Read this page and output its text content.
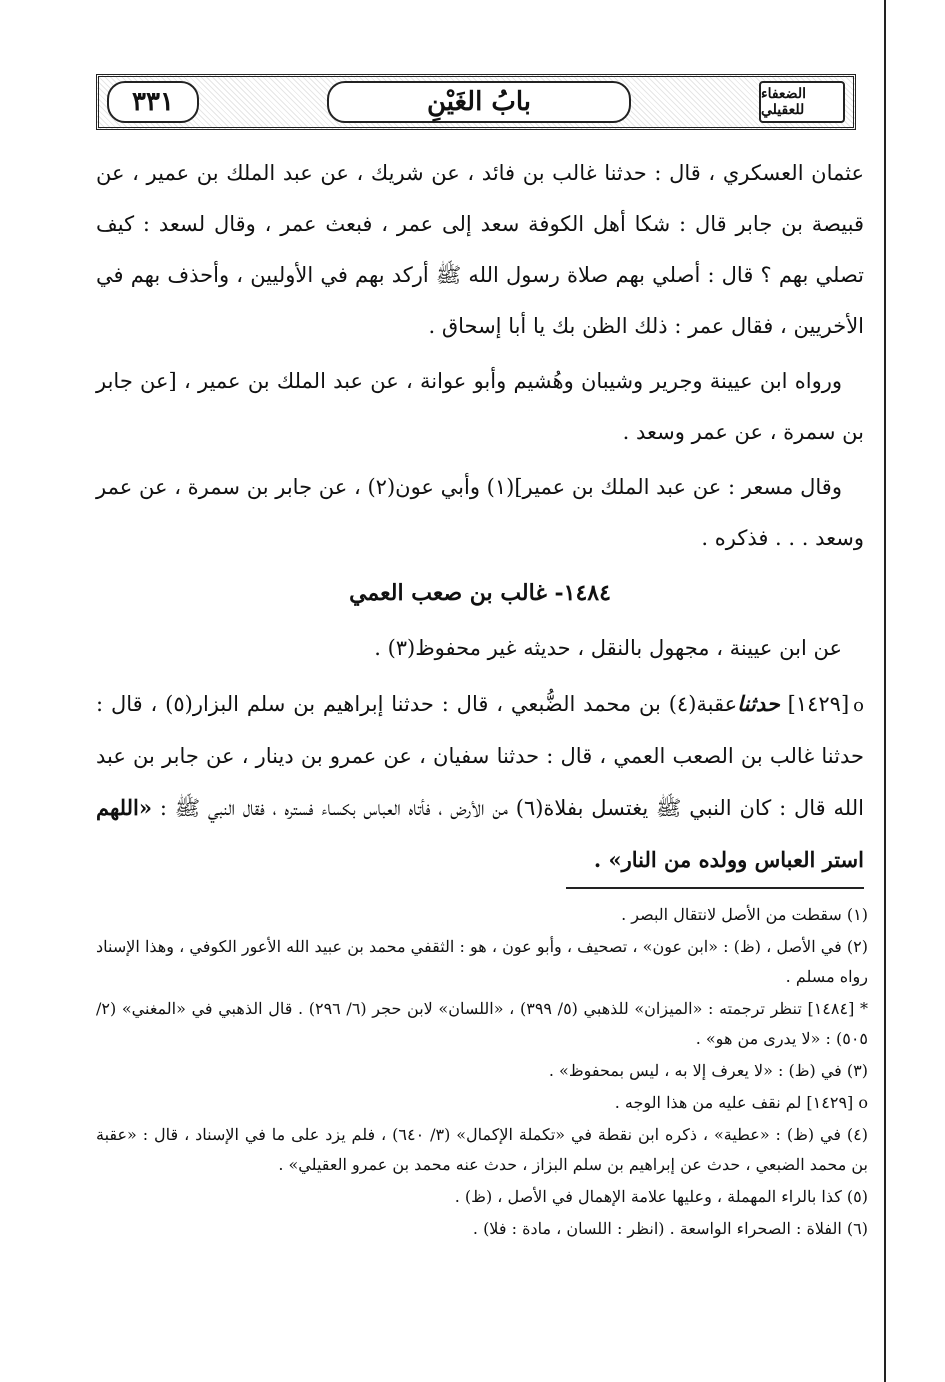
٣٣١	بابُ الغَيْنِ	الضعفاء للعقيلي

عثمان العسكري ، قال : حدثنا غالب بن فائد ، عن شريك ، عن عبد الملك بن عمير ، عن قبيصة بن جابر قال : شكا أهل الكوفة سعد إلى عمر ، فبعث عمر ، وقال لسعد : كيف تصلي بهم ؟ قال : أصلي بهم صلاة رسول الله ﷺ أركد بهم في الأوليين ، وأحذف بهم في الأخريين ، فقال عمر : ذلك الظن بك يا أبا إسحاق .

ورواه ابن عيينة وجرير وشيبان وهُشيم وأبو عوانة ، عن عبد الملك بن عمير ، [عن جابر بن سمرة ، عن عمر وسعد .

وقال مسعر : عن عبد الملك بن عمير](١) وأبي عون(٢) ، عن جابر بن سمرة ، عن عمر وسعد . . . فذكره .

١٤٨٤- غالب بن صعب العمي

عن ابن عيينة ، مجهول بالنقل ، حديثه غير محفوظ(٣) .

o[١٤٢٩] حدثناعقبة(٤) بن محمد الضُّبعي ، قال : حدثنا إبراهيم بن سلم البزار(٥) ، قال : حدثنا غالب بن الصعب العمي ، قال : حدثنا سفيان ، عن عمرو بن دينار ، عن جابر بن عبد الله قال : كان النبي ﷺ يغتسل بفلاة(٦) من الأرض ، فأتاه العباس بكساء فستره ، فقال النبي ﷺ : «اللهم استر العباس وولده من النار» .

(١) سقطت من الأصل لانتقال البصر .

(٢) في الأصل ، (ظ) : «ابن عون» ، تصحيف ، وأبو عون ، هو : الثقفي محمد بن عبيد الله الأعور الكوفي ، وهذا الإسناد رواه مسلم .

* [١٤٨٤] تنظر ترجمته : «الميزان» للذهبي (٥/ ٣٩٩) ، «اللسان» لابن حجر (٦/ ٢٩٦) . قال الذهبي في «المغني» (٢/ ٥٠٥) : «لا يدرى من هو» .

(٣) في (ظ) : «لا يعرف إلا به ، ليس بمحفوظ» .

o [١٤٢٩] لم نقف عليه من هذا الوجه .

(٤) في (ظ) : «عطية» ، ذكره ابن نقطة في «تكملة الإكمال» (٣/ ٦٤٠) ، فلم يزد على ما في الإسناد ، قال : «عقبة بن محمد الضبعي ، حدث عن إبراهيم بن سلم البزاز ، حدث عنه محمد بن عمرو العقيلي» .

(٥) كذا بالراء المهملة ، وعليها علامة الإهمال في الأصل ، (ظ) .

(٦) الفلاة : الصحراء الواسعة . (انظر : اللسان ، مادة : فلا) .
